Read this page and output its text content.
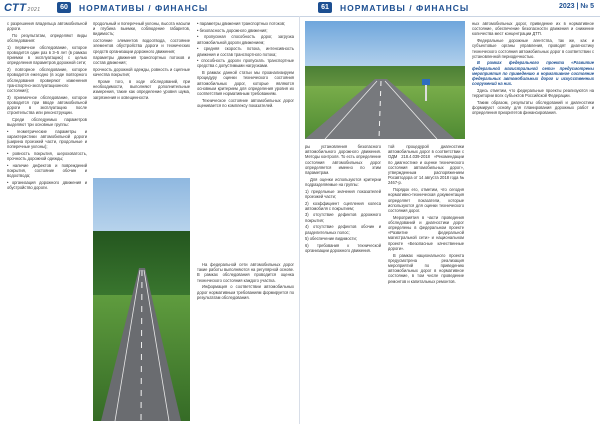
СТТ2021	60	НОРМАТИВЫ / ФИНАНСЫ	61	НОРМАТИВЫ / ФИНАНСЫ	2023 | № 5

с разрешения владельца автомобильной дороги.

По результатам, определяют виды обследования:

1) первичное обследование, которое проводится один раз в 3–5 лет (в рамках приемки в эксплуатацию) с целью определения параметров дорожной сети;

2) повторное обследование, которое проводится ежегодно (в ходе повторного обследования проверяют изменения транспортно-эксплуатационного состояния);

3) приемочное обследование, которое проводится при вводе автомобильной дороги в эксплуатацию после строительства или реконструкции.

Среди обследуемых параметров выделяют три основные группы:

• геометрические параметры и характеристики автомобильной дороги (ширина проезжей части, продольные и поперечные уклоны);

• ровность покрытия, шероховатость, прочность дорожной одежды;

• наличие дефектов и повреждений покрытия, состояние обочин и водоотвода;

• организация дорожного движения и обустройство дороги.

продольный и поперечный уклоны, высота насыпи и глубина выемки, соблюдение габаритов, видимость;

состояние элементов водоотвода, состояние элементов обустройства дороги и технических средств организации дорожного движения;

параметры движения транспортных потоков и состав движения;

прочность дорожной одежды, ровность и сцепные качества покрытия;

Кроме того, в ходе обследований, при необходимости, выполняют дополнительные измерения, такие как определение уровня шума, загрязнения и освещенности.

• параметры движения транспортных потоков;

• безопасность дорожного движения;

• пропускная способность дорог, загрузка автомобильной дороги движением;

• средняя скорость потока, интенсивность движения и состав транспортного потока;

• способность дороги пропускать транспортные средства с допустимыми нагрузками.

В рамках данной статьи мы проанализируем процедуру оценки технического состояния автомобильных дорог, которые являются основным критерием для определения уровня их соответствия нормативным требованиям.

Техническое состояние автомобильных дорог оценивается по комплексу показателей.

На федеральной сети автомобильных дорог такие работы выполняются на регулярной основе. В рамках обследования проводится оценка технического состояния каждого участка.

Информация о соответствии автомобильных дорог нормативным требованиям формируется по результатам обследования.

ры установления безопасного автомобильного дорожного движения. Методы контроля. То есть определение состояния автомобильных дорог определяется именно по этим параметрам.

Для оценки используются критерии подразделяемые на группы:

1) предельные значения показателей проезжей части;

2) коэффициент сцепления колеса автомобиля с покрытием;

3) отсутствие дефектов дорожного покрытия;

4) отсутствие дефектов обочин и разделительных полос;

5) обеспечение видимости;

6) требования к технической организации дорожного движения.

той процедурой диагностики автомобильных дорог в соответствии с ОДМ 218.4.039-2018 «Рекомендации по диагностике и оценке технического состояния автомобильных дорог», утвержденным распоряжением Росавтодора от 14 августа 2018 года № 2467-р.

Порядок его, отметим, что сегодня нормативно-техническая документация определяет показатели, которые используются для оценки технического состояния дорог.

Мероприятия в части проведения обследований и диагностики дорог определены в федеральном проекте «Развитие федеральной магистральной сети» и национальном проекте «Безопасные качественные дороги».

В рамках национального проекта предусмотрена реализация мероприятий по приведению автомобильных дорог в нормативное состояние, в том числе проведение ремонтов и капитальных ремонтов.

ных автомобильных дорог, приведение их в нормативное состояние, обеспечение безопасности движения и снижение количества мест концентрации ДТП.

Федеральные дорожные агентства, так же, как и субъектовые органы управления, проводят диагностику технического состояния автомобильных дорог в соответствии с установленной периодичностью.

В рамках федерального проекта «Развитие федеральной магистральной сети» предусмотрены мероприятия по приведению в нормативное состояние федеральных автомобильных дорог и искусственных сооружений на них.

Здесь отметим, что федеральные проекты реализуются на территории всех субъектов Российской Федерации.

Таким образом, результаты обследований и диагностики формируют основу для планирования дорожных работ и определения приоритетов финансирования.
